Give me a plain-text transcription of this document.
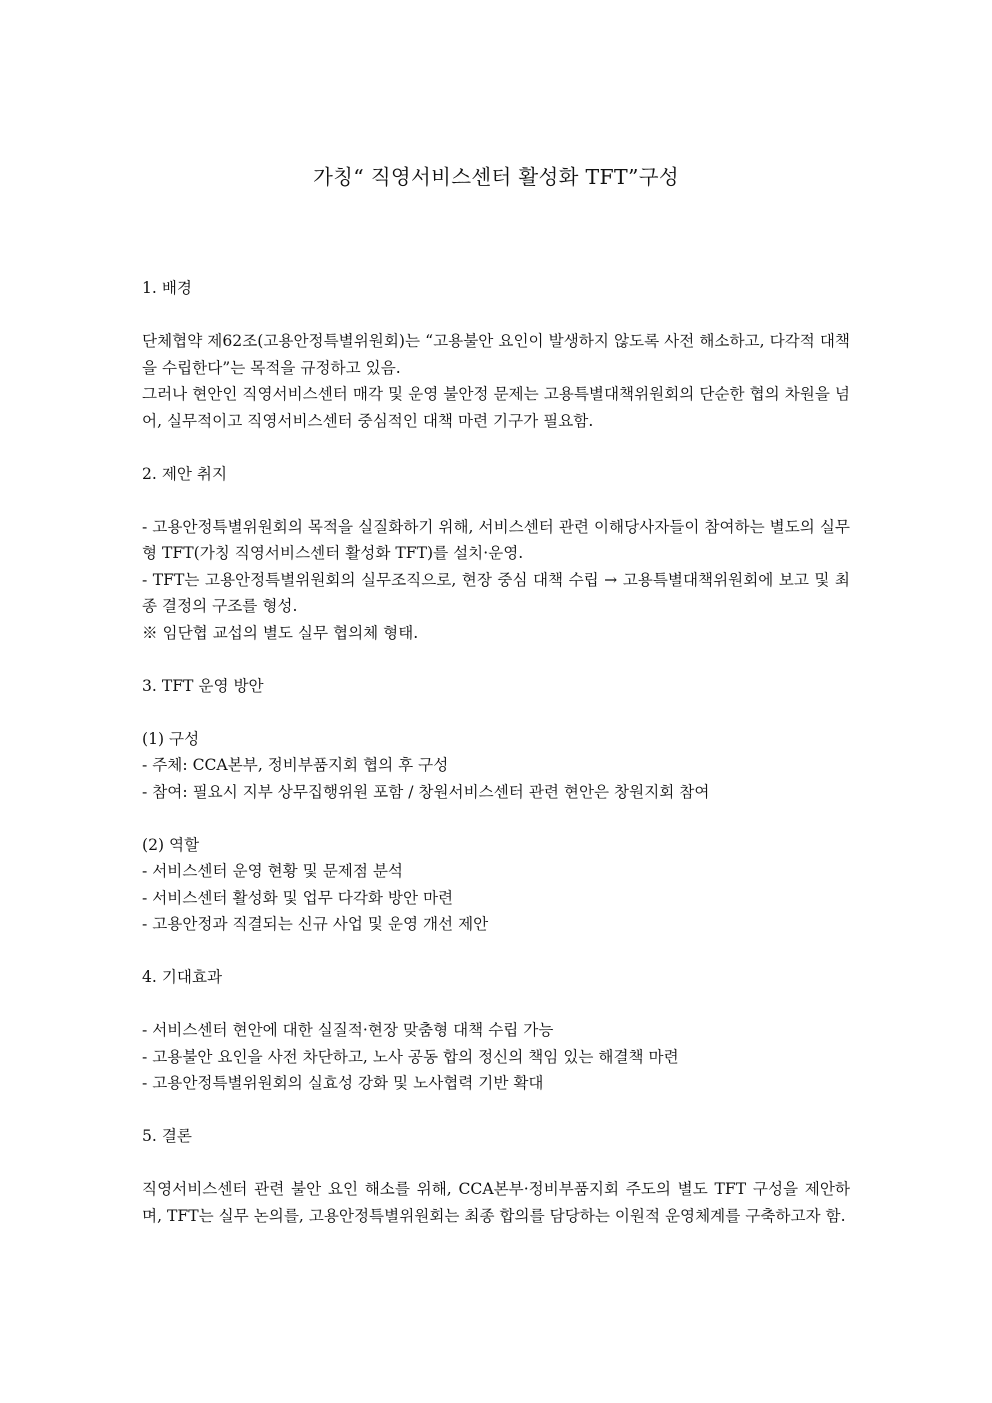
가칭“ 직영서비스센터 활성화 TFT”구성

1. 배경

단체협약 제62조(고용안정특별위원회)는 “고용불안 요인이 발생하지 않도록 사전 해소하고, 다각적 대책을 수립한다”는 목적을 규정하고 있음.

그러나 현안인 직영서비스센터 매각 및 운영 불안정 문제는 고용특별대책위원회의 단순한 협의 차원을 넘어, 실무적이고 직영서비스센터 중심적인 대책 마련 기구가 필요함.

2. 제안 취지

- 고용안정특별위원회의 목적을 실질화하기 위해, 서비스센터 관련 이해당사자들이 참여하는 별도의 실무형 TFT(가칭 직영서비스센터 활성화 TFT)를 설치·운영.

- TFT는 고용안정특별위원회의 실무조직으로, 현장 중심 대책 수립 → 고용특별대책위원회에 보고 및 최종 결정의 구조를 형성.

※ 임단협 교섭의 별도 실무 협의체 형태.

3. TFT 운영 방안

(1) 구성

- 주체: CCA본부, 정비부품지회 협의 후 구성

- 참여: 필요시 지부 상무집행위원 포함 / 창원서비스센터 관련 현안은 창원지회 참여

(2) 역할

- 서비스센터 운영 현황 및 문제점 분석

- 서비스센터 활성화 및 업무 다각화 방안 마련

- 고용안정과 직결되는 신규 사업 및 운영 개선 제안

4. 기대효과

- 서비스센터 현안에 대한 실질적·현장 맞춤형 대책 수립 가능

- 고용불안 요인을 사전 차단하고, 노사 공동 합의 정신의 책임 있는 해결책 마련

- 고용안정특별위원회의 실효성 강화 및 노사협력 기반 확대

5. 결론

직영서비스센터 관련 불안 요인 해소를 위해, CCA본부·정비부품지회 주도의 별도 TFT 구성을 제안하며, TFT는 실무 논의를, 고용안정특별위원회는 최종 합의를 담당하는 이원적 운영체계를 구축하고자 함.
